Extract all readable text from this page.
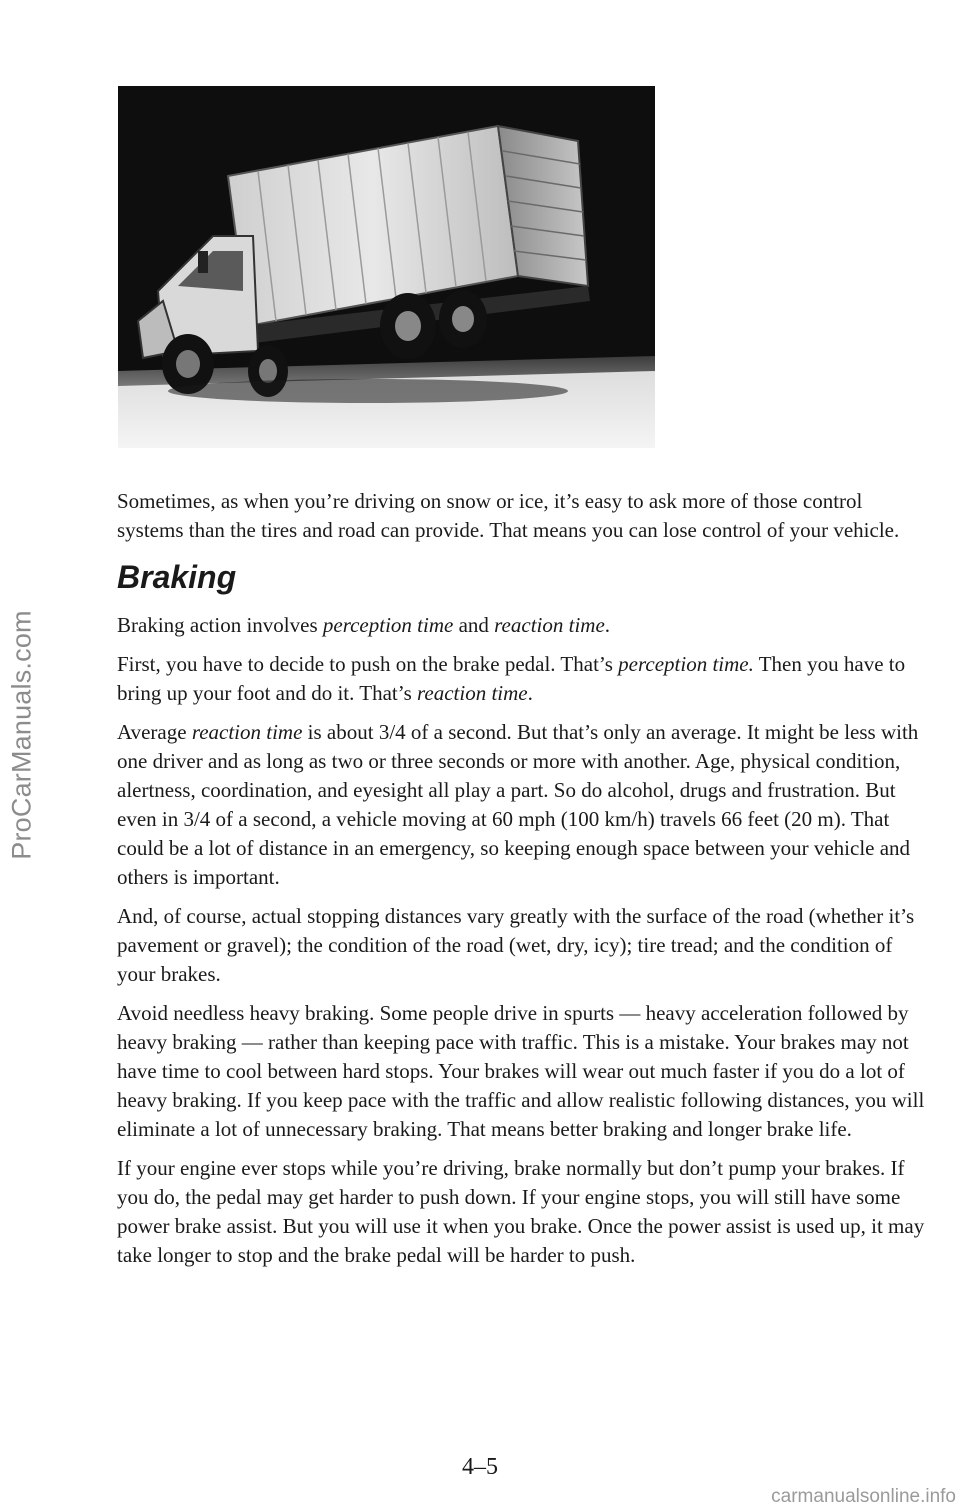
ProCarManuals.com

Sometimes, as when you’re driving on snow or ice, it’s easy to ask more of those control systems than the tires and road can provide. That means you can lose control of your vehicle.

Braking

Braking action involves perception time and reaction time.

First, you have to decide to push on the brake pedal. That’s perception time. Then you have to bring up your foot and do it. That’s reaction time.

Average reaction time is about 3/4 of a second. But that’s only an average. It might be less with one driver and as long as two or three seconds or more with another. Age, physical condition, alertness, coordination, and eyesight all play a part. So do alcohol, drugs and frustration. But even in 3/4 of a second, a vehicle moving at 60 mph (100 km/h) travels 66 feet (20 m). That could be a lot of distance in an emergency, so keeping enough space between your vehicle and others is important.

And, of course, actual stopping distances vary greatly with the surface of the road (whether it’s pavement or gravel); the condition of the road (wet, dry, icy); tire tread; and the condition of your brakes.

Avoid needless heavy braking. Some people drive in spurts — heavy acceleration followed by heavy braking — rather than keeping pace with traffic. This is a mistake. Your brakes may not have time to cool between hard stops. Your brakes will wear out much faster if you do a lot of heavy braking. If you keep pace with the traffic and allow realistic following distances, you will eliminate a lot of unnecessary braking. That means better braking and longer brake life.

If your engine ever stops while you’re driving, brake normally but don’t pump your brakes. If you do, the pedal may get harder to push down. If your engine stops, you will still have some power brake assist. But you will use it when you brake. Once the power assist is used up, it may take longer to stop and the brake pedal will be harder to push.

4–5
carmanualsonline.info
